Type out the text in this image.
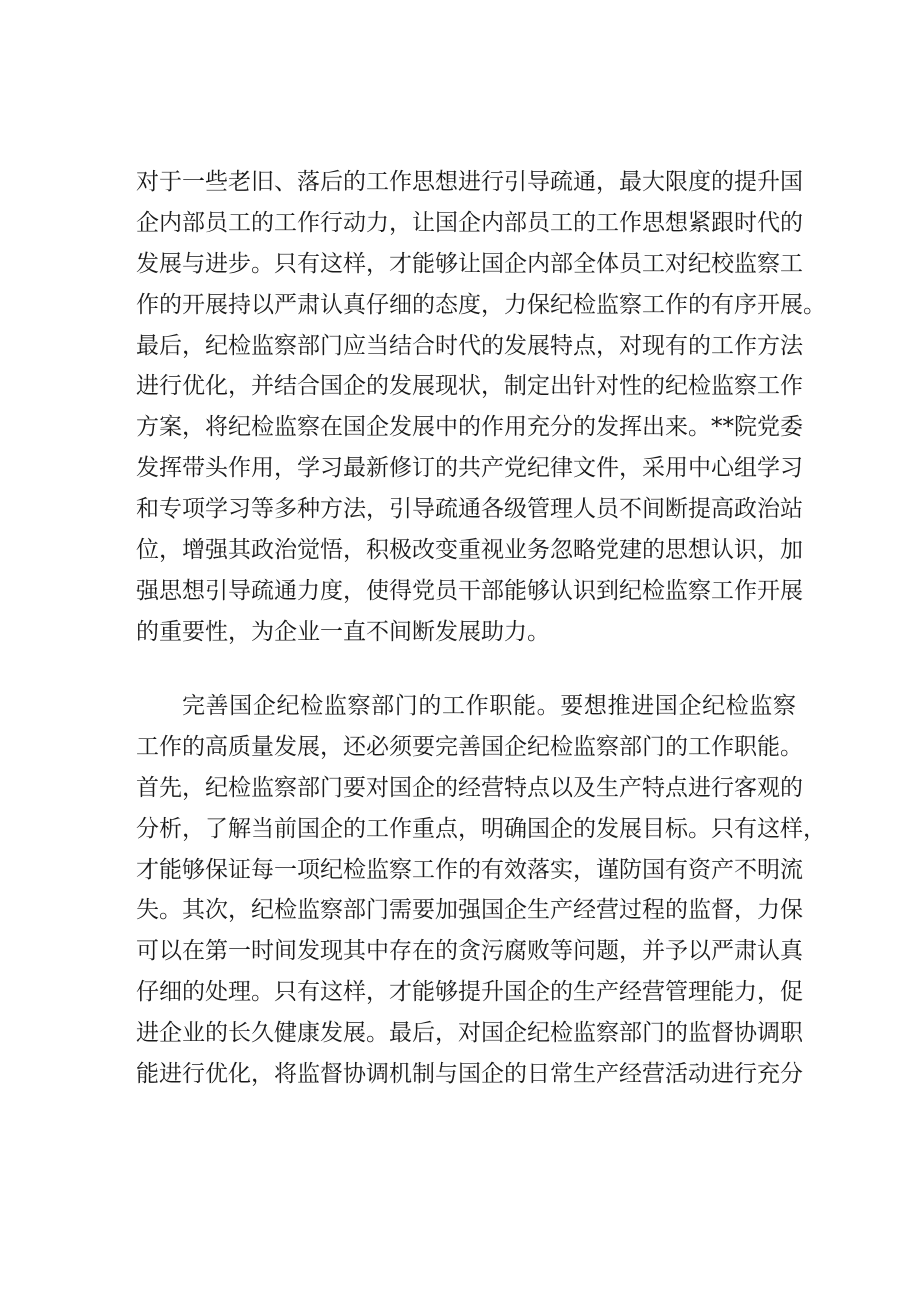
对于一些老旧、落后的工作思想进行引导疏通，最大限度的提升国
企内部员工的工作行动力，让国企内部员工的工作思想紧跟时代的
发展与进步。只有这样，才能够让国企内部全体员工对纪校监察工
作的开展持以严肃认真仔细的态度，力保纪检监察工作的有序开展。
最后，纪检监察部门应当结合时代的发展特点，对现有的工作方法
进行优化，并结合国企的发展现状，制定出针对性的纪检监察工作
方案，将纪检监察在国企发展中的作用充分的发挥出来。**院党委
发挥带头作用，学习最新修订的共产党纪律文件，采用中心组学习
和专项学习等多种方法，引导疏通各级管理人员不间断提高政治站
位，增强其政治觉悟，积极改变重视业务忽略党建的思想认识，加
强思想引导疏通力度，使得党员干部能够认识到纪检监察工作开展
的重要性，为企业一直不间断发展助力。
完善国企纪检监察部门的工作职能。要想推进国企纪检监察
工作的高质量发展，还必须要完善国企纪检监察部门的工作职能。
首先，纪检监察部门要对国企的经营特点以及生产特点进行客观的
分析，了解当前国企的工作重点，明确国企的发展目标。只有这样，
才能够保证每一项纪检监察工作的有效落实，谨防国有资产不明流
失。其次，纪检监察部门需要加强国企生产经营过程的监督，力保
可以在第一时间发现其中存在的贪污腐败等问题，并予以严肃认真
仔细的处理。只有这样，才能够提升国企的生产经营管理能力，促
进企业的长久健康发展。最后，对国企纪检监察部门的监督协调职
能进行优化，将监督协调机制与国企的日常生产经营活动进行充分
